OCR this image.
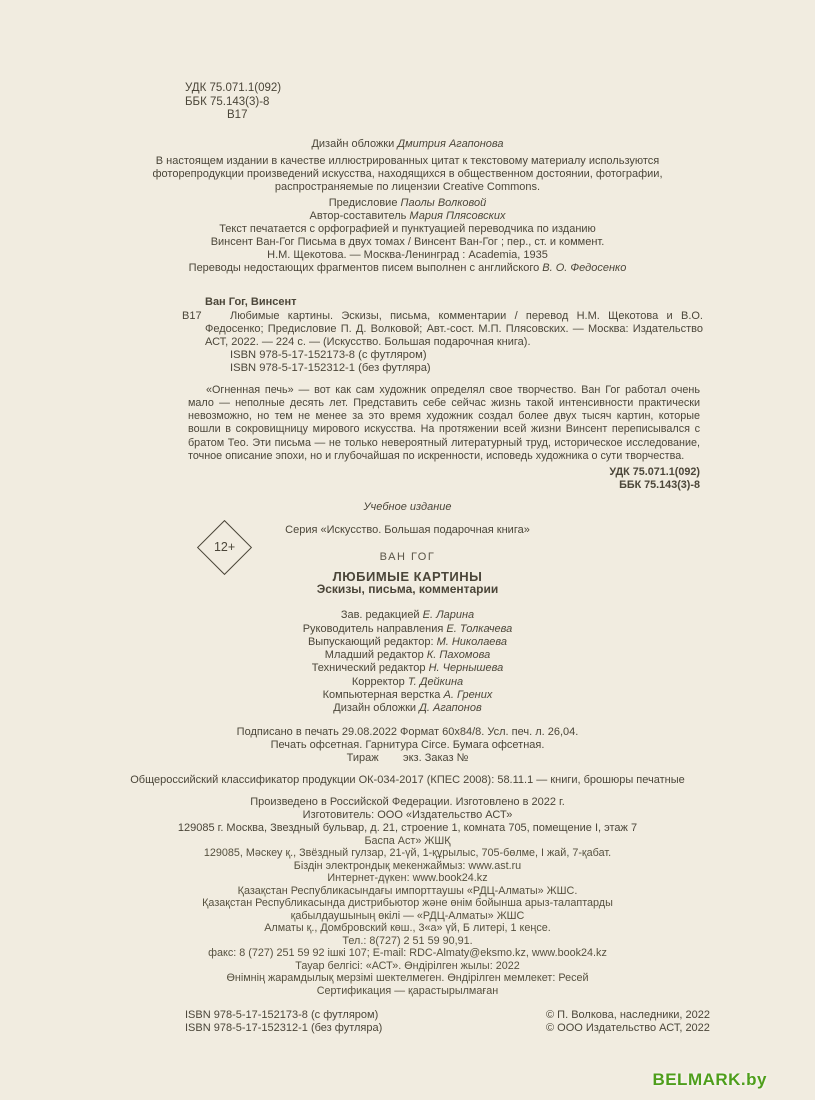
УДК 75.071.1(092)
ББК 75.143(3)-8
В17
Дизайн обложки Дмитрия Агапонова
В настоящем издании в качестве иллюстрированных цитат к текстовому материалу используются фоторепродукции произведений искусства, находящихся в общественном достоянии, фотографии, распространяемые по лицензии Creative Commons.
Предисловие Паолы Волковой
Автор-составитель Мария Плясовских
Текст печатается с орфографией и пунктуацией переводчика по изданию
Винсент Ван-Гог Письма в двух томах / Винсент Ван-Гог ; пер., ст. и коммент.
Н.М. Щекотова. — Москва-Ленинград : Academia, 1935
Переводы недостающих фрагментов писем выполнен с английского В. О. Федосенко
Ван Гог, Винсент
В17	Любимые картины. Эскизы, письма, комментарии / перевод Н.М. Щекотова и В.О. Федосенко; Предисловие П. Д. Волковой; Авт.-сост. М.П. Плясовских. — Москва: Издательство АСТ, 2022. — 224 с. — (Искусство. Большая подарочная книга).
ISBN 978-5-17-152173-8 (с футляром)
ISBN 978-5-17-152312-1 (без футляра)
«Огненная печь» — вот как сам художник определял свое творчество. Ван Гог работал очень мало — неполные десять лет. Представить себе сейчас жизнь такой интенсивности практически невозможно, но тем не менее за это время художник создал более двух тысяч картин, которые вошли в сокровищницу мирового искусства. На протяжении всей жизни Винсент переписывался с братом Тео. Эти письма — не только невероятный литературный труд, историческое исследование, точное описание эпохи, но и глубочайшая по искренности, исповедь художника о сути творчества.
УДК 75.071.1(092)
ББК 75.143(3)-8
Учебное издание
Серия «Искусство. Большая подарочная книга»
ВАН ГОГ
ЛЮБИМЫЕ КАРТИНЫ
Эскизы, письма, комментарии
12+
Зав. редакцией Е. Ларина
Руководитель направления Е. Толкачева
Выпускающий редактор: М. Николаева
Младший редактор К. Пахомова
Технический редактор Н. Чернышева
Корректор Т. Дейкина
Компьютерная верстка А. Грених
Дизайн обложки Д. Агапонов
Подписано в печать 29.08.2022 Формат 60х84/8. Усл. печ. л. 26,04.
Печать офсетная. Гарнитура Circe. Бумага офсетная.
Тираж        экз. Заказ №
Общероссийский классификатор продукции ОК-034-2017 (КПЕС 2008): 58.11.1 — книги, брошюры печатные
Произведено в Российской Федерации. Изготовлено в 2022 г.
Изготовитель: ООО «Издательство АСТ»
129085 г. Москва, Звездный бульвар, д. 21, строение 1, комната 705, помещение I, этаж 7
Баспа Аст» ЖШҚ
129085, Мәскеу қ., Звёздный гулзар, 21-үй, 1-құрылыс, 705-бөлме, I жай, 7-қабат.
Біздін электрондық мекенжаймыз: www.ast.ru
Интернет-дүкен: www.book24.kz
Қазақстан Республикасындағы импорттаушы «РДЦ-Алматы» ЖШС.
Қазақстан Республикасында дистрибьютор және өнім бойынша арыз-талаптарды
қабылдаушының өкілі — «РДЦ-Алматы» ЖШС
Алматы қ., Домбровский көш., 3«а» үй, Б литері, 1 кеңсе.
Тел.: 8(727) 2 51 59 90,91.
факс: 8 (727) 251 59 92 ішкі 107; E-mail: RDC-Almaty@eksmo.kz, www.book24.kz
Тауар белгісі: «АСТ». Өндірілген жылы: 2022
Өнімнің жарамдылық мерзімі шектелмеген. Өндірілген мемлекет: Ресей
Сертификация — қарастырылмаған
ISBN 978-5-17-152173-8 (с футляром)
ISBN 978-5-17-152312-1 (без футляра)
© П. Волкова, наследники, 2022
© ООО Издательство АСТ, 2022
BELMARK.by
